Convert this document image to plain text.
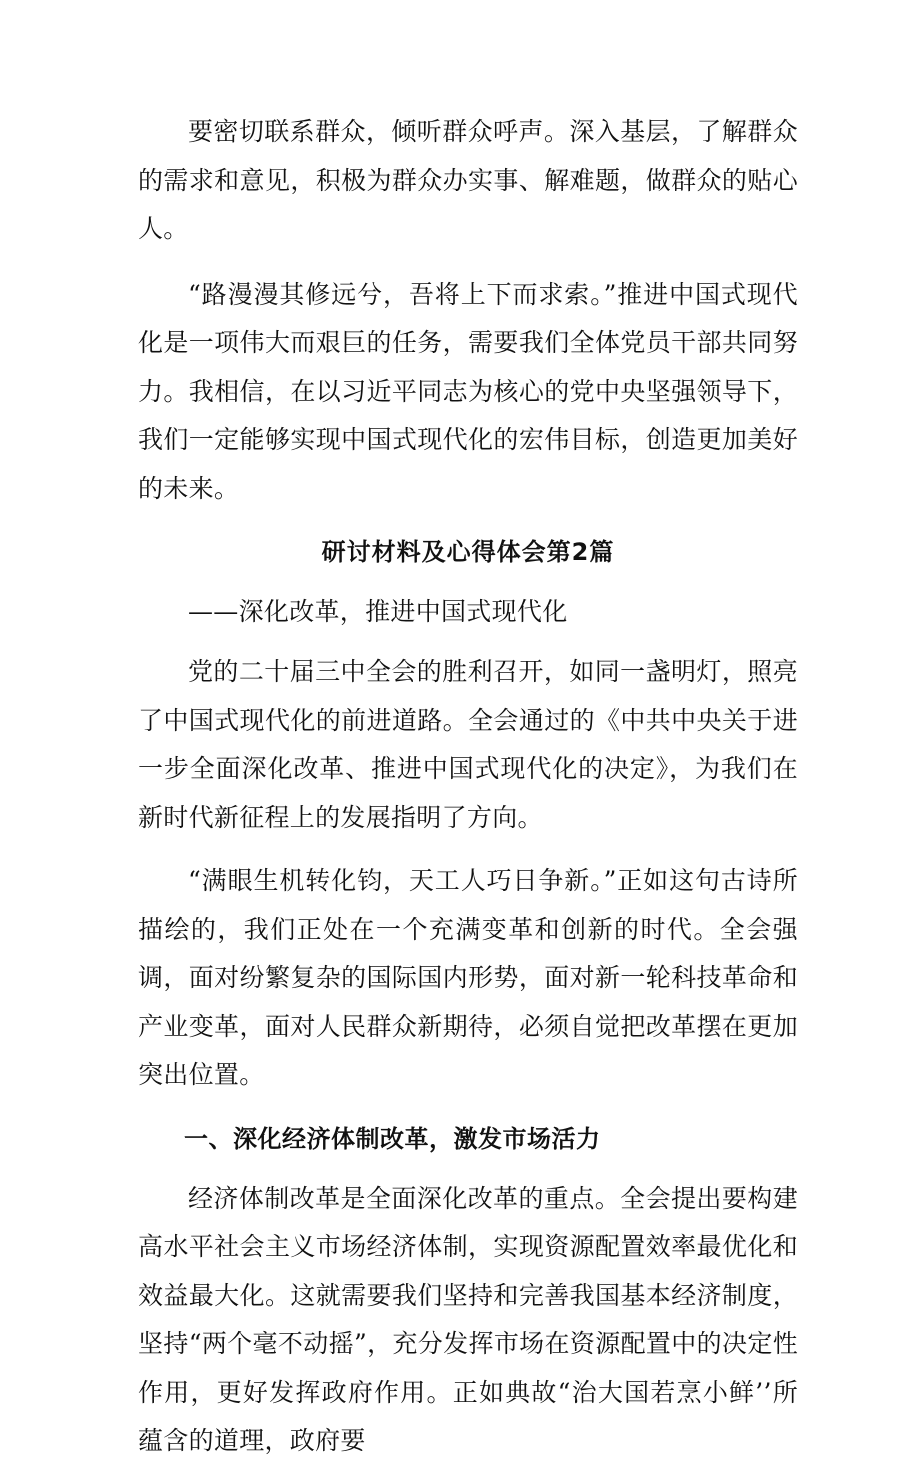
要密切联系群众，倾听群众呼声。深入基层，了解群众的需求和意见，积极为群众办实事、解难题，做群众的贴心人。

“路漫漫其修远兮，吾将上下而求索。”推进中国式现代化是一项伟大而艰巨的任务，需要我们全体党员干部共同努力。我相信，在以习近平同志为核心的党中央坚强领导下，我们一定能够实现中国式现代化的宏伟目标，创造更加美好的未来。

研讨材料及心得体会第2篇
——深化改革，推进中国式现代化

党的二十届三中全会的胜利召开，如同一盏明灯，照亮了中国式现代化的前进道路。全会通过的《中共中央关于进一步全面深化改革、推进中国式现代化的决定》，为我们在新时代新征程上的发展指明了方向。

“满眼生机转化钧，天工人巧日争新。”正如这句古诗所描绘的，我们正处在一个充满变革和创新的时代。全会强调，面对纷繁复杂的国际国内形势，面对新一轮科技革命和产业变革，面对人民群众新期待，必须自觉把改革摆在更加突出位置。

一、深化经济体制改革，激发市场活力

经济体制改革是全面深化改革的重点。全会提出要构建高水平社会主义市场经济体制，实现资源配置效率最优化和效益最大化。这就需要我们坚持和完善我国基本经济制度，坚持“两个毫不动摇”，充分发挥市场在资源配置中的决定性作用，更好发挥政府作用。正如典故“治大国若烹小鲜’’所蕴含的道理，政府要
